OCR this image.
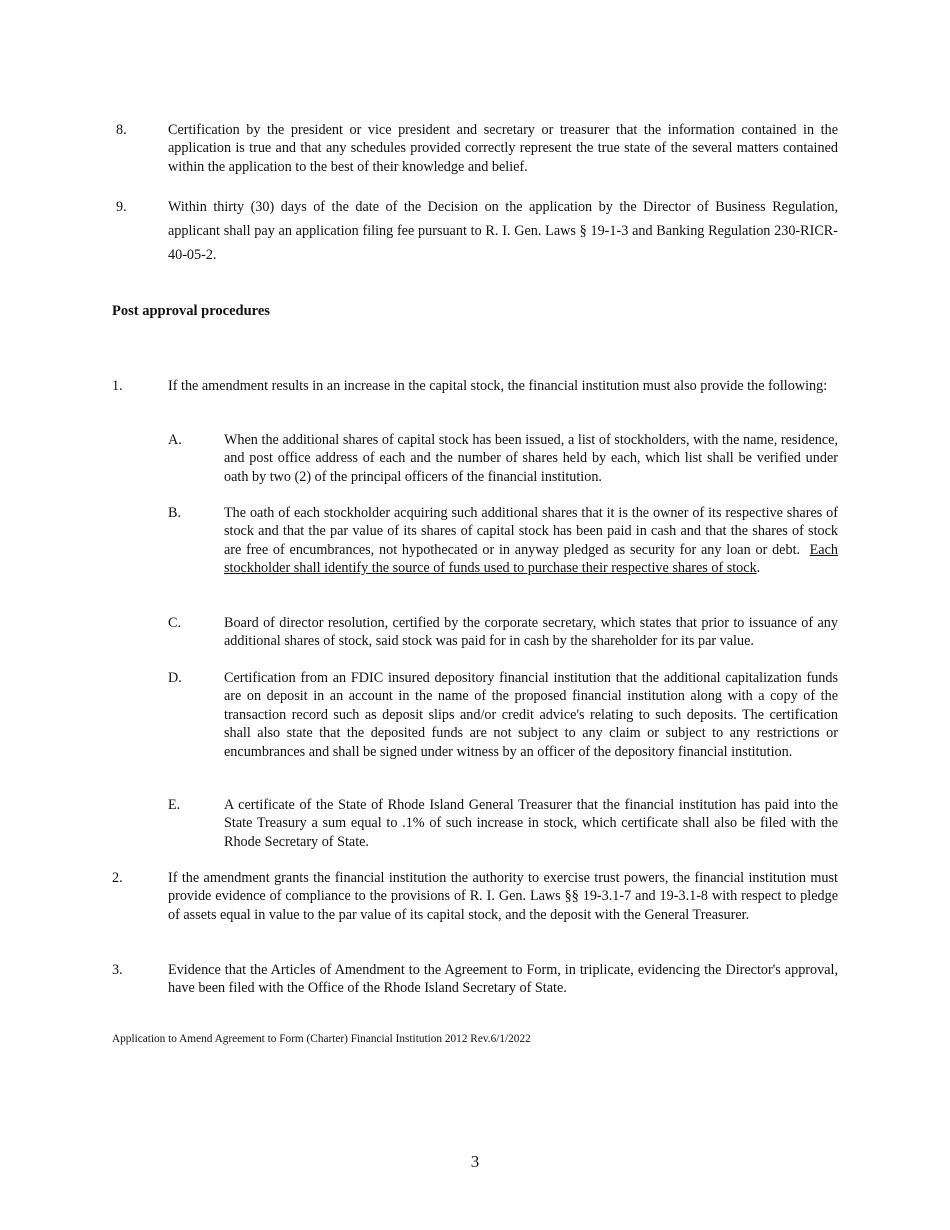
8.	Certification by the president or vice president and secretary or treasurer that the information contained in the application is true and that any schedules provided correctly represent the true state of the several matters contained within the application to the best of their knowledge and belief.
9.	Within thirty (30) days of the date of the Decision on the application by the Director of Business Regulation, applicant shall pay an application filing fee pursuant to R. I. Gen. Laws § 19-1-3 and Banking Regulation 230-RICR-40-05-2.
Post approval procedures
1.	If the amendment results in an increase in the capital stock, the financial institution must also provide the following:
A.	When the additional shares of capital stock has been issued, a list of stockholders, with the name, residence, and post office address of each and the number of shares held by each, which list shall be verified under oath by two (2) of the principal officers of the financial institution.
B.	The oath of each stockholder acquiring such additional shares that it is the owner of its respective shares of stock and that the par value of its shares of capital stock has been paid in cash and that the shares of stock are free of encumbrances, not hypothecated or in anyway pledged as security for any loan or debt. Each stockholder shall identify the source of funds used to purchase their respective shares of stock.
C.	Board of director resolution, certified by the corporate secretary, which states that prior to issuance of any additional shares of stock, said stock was paid for in cash by the shareholder for its par value.
D.	Certification from an FDIC insured depository financial institution that the additional capitalization funds are on deposit in an account in the name of the proposed financial institution along with a copy of the transaction record such as deposit slips and/or credit advice's relating to such deposits. The certification shall also state that the deposited funds are not subject to any claim or subject to any restrictions or encumbrances and shall be signed under witness by an officer of the depository financial institution.
E.	A certificate of the State of Rhode Island General Treasurer that the financial institution has paid into the State Treasury a sum equal to .1% of such increase in stock, which certificate shall also be filed with the Rhode Secretary of State.
2.	If the amendment grants the financial institution the authority to exercise trust powers, the financial institution must provide evidence of compliance to the provisions of R. I. Gen. Laws §§ 19-3.1-7 and 19-3.1-8 with respect to pledge of assets equal in value to the par value of its capital stock, and the deposit with the General Treasurer.
3.	Evidence that the Articles of Amendment to the Agreement to Form, in triplicate, evidencing the Director's approval, have been filed with the Office of the Rhode Island Secretary of State.
Application to Amend Agreement to Form (Charter) Financial Institution 2012 Rev.6/1/2022
3
